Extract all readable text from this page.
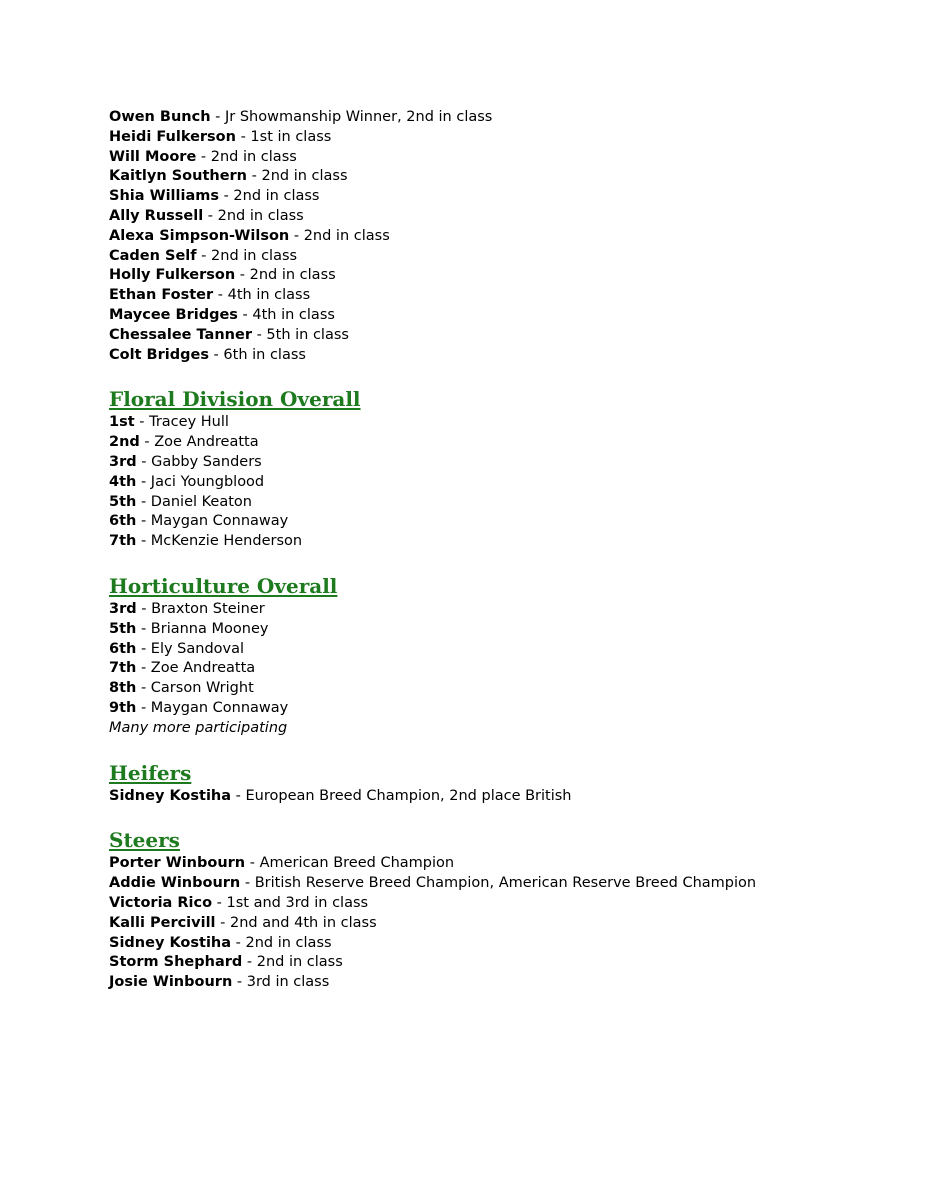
Owen Bunch - Jr Showmanship Winner, 2nd in class
Heidi Fulkerson - 1st in class
Will Moore - 2nd in class
Kaitlyn Southern - 2nd in class
Shia Williams - 2nd in class
Ally Russell - 2nd in class
Alexa Simpson-Wilson - 2nd in class
Caden Self - 2nd in class
Holly Fulkerson - 2nd in class
Ethan Foster - 4th in class
Maycee Bridges - 4th in class
Chessalee Tanner - 5th in class
Colt Bridges - 6th in class
Floral Division Overall
1st - Tracey Hull
2nd - Zoe Andreatta
3rd - Gabby Sanders
4th - Jaci Youngblood
5th - Daniel Keaton
6th - Maygan Connaway
7th - McKenzie Henderson
Horticulture Overall
3rd - Braxton Steiner
5th - Brianna Mooney
6th - Ely Sandoval
7th - Zoe Andreatta
8th - Carson Wright
9th - Maygan Connaway
Many more participating
Heifers
Sidney Kostiha - European Breed Champion, 2nd place British
Steers
Porter Winbourn - American Breed Champion
Addie Winbourn - British Reserve Breed Champion, American Reserve Breed Champion
Victoria Rico - 1st and 3rd in class
Kalli Percivill - 2nd and 4th in class
Sidney Kostiha - 2nd in class
Storm Shephard - 2nd in class
Josie Winbourn - 3rd in class
